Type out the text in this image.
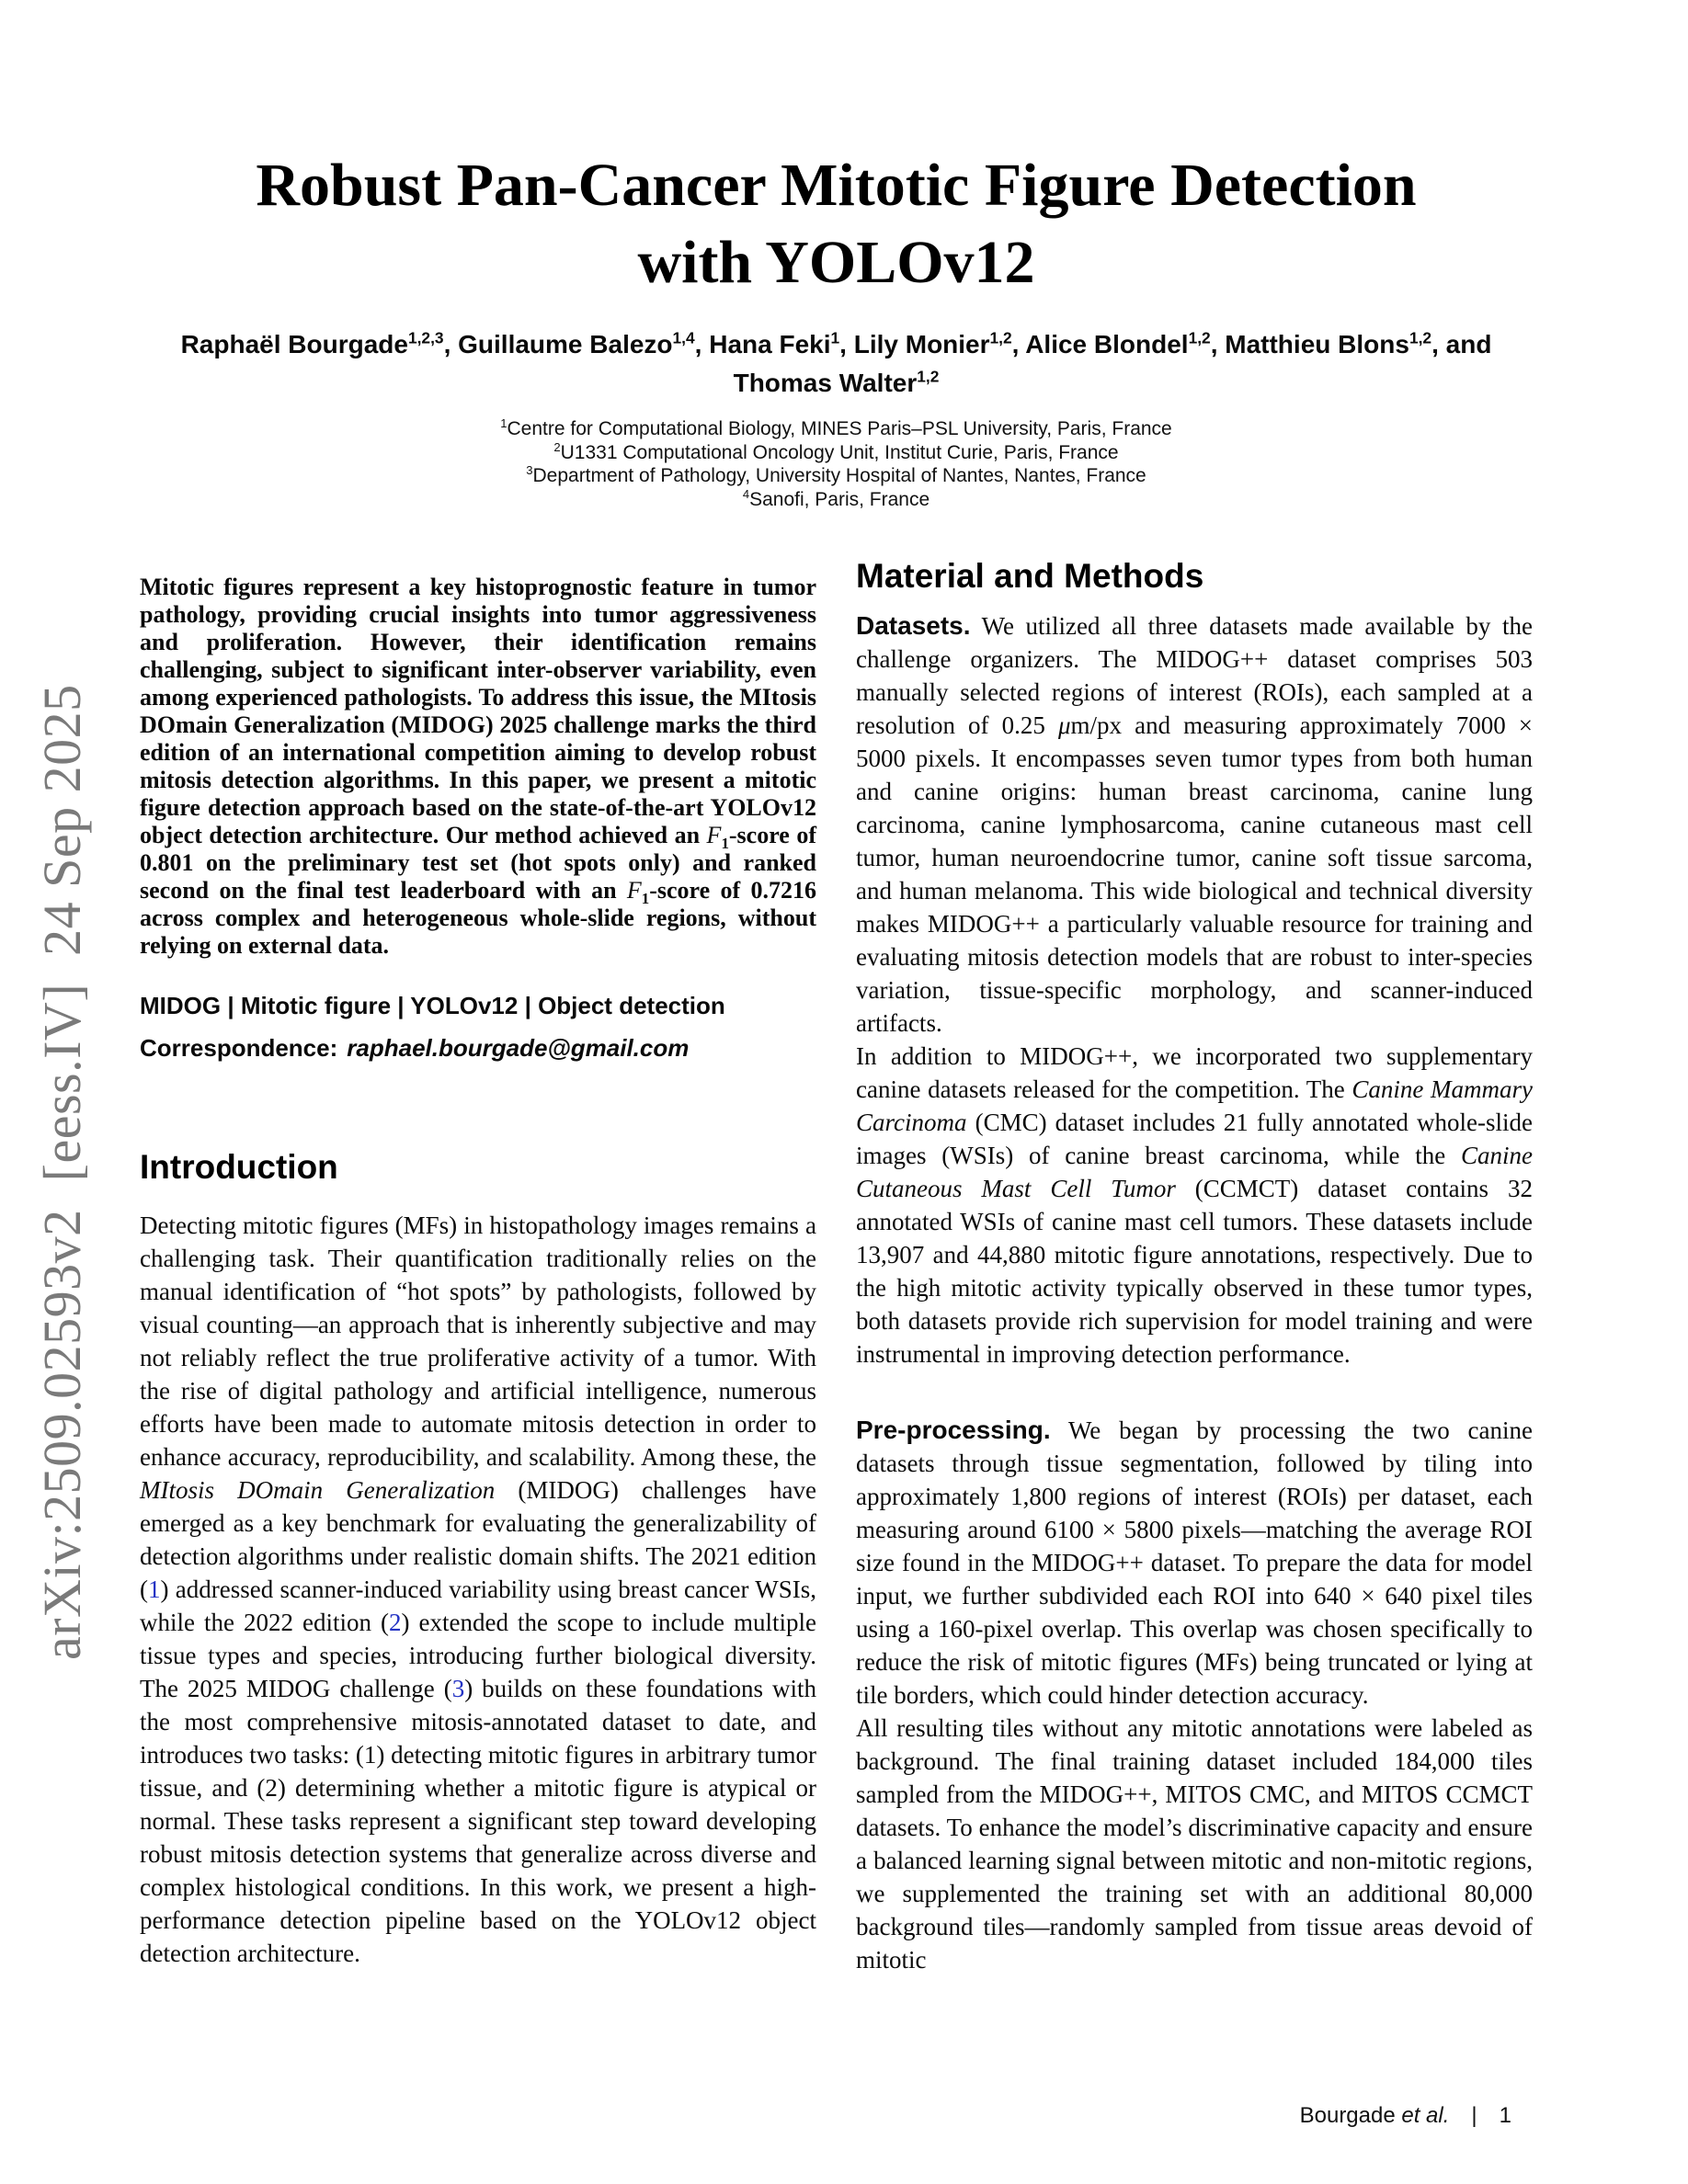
arXiv:2509.02593v2  [eess.IV]  24 Sep 2025
Robust Pan-Cancer Mitotic Figure Detection
with YOLOv12
Raphaël Bourgade$^{1,2,3}$, Guillaume Balezo$^{1,4}$, Hana Feki$^1$, Lily Monier$^{1,2}$, Alice Blondel$^{1,2}$, Matthieu Blons$^{1,2}$, and Thomas Walter$^{1,2}$
$^1$Centre for Computational Biology, MINES Paris–PSL University, Paris, France
$^2$U1331 Computational Oncology Unit, Institut Curie, Paris, France
$^3$Department of Pathology, University Hospital of Nantes, Nantes, France
$^4$Sanofi, Paris, France

Mitotic figures represent a key histoprognostic feature in tumor pathology, providing crucial insights into tumor aggressiveness and proliferation. However, their identification remains challenging, subject to significant inter-observer variability, even among experienced pathologists. To address this issue, the MItosis DOmain Generalization (MIDOG) 2025 challenge marks the third edition of an international competition aiming to develop robust mitosis detection algorithms. In this paper, we present a mitotic figure detection approach based on the state-of-the-art YOLOv12 object detection architecture. Our method achieved an $F_1$-score of 0.801 on the preliminary test set (hot spots only) and ranked second on the final test leaderboard with an $F_1$-score of 0.7216 across complex and heterogeneous whole-slide regions, without relying on external data.

MIDOG | Mitotic figure | YOLOv12 | Object detection

Correspondence: raphael.bourgade@gmail.com

Introduction

Detecting mitotic figures (MFs) in histopathology images remains a challenging task. Their quantification traditionally relies on the manual identification of “hot spots” by pathologists, followed by visual counting—an approach that is inherently subjective and may not reliably reflect the true proliferative activity of a tumor. With the rise of digital pathology and artificial intelligence, numerous efforts have been made to automate mitosis detection in order to enhance accuracy, reproducibility, and scalability. Among these, the MItosis DOmain Generalization (MIDOG) challenges have emerged as a key benchmark for evaluating the generalizability of detection algorithms under realistic domain shifts. The 2021 edition (1) addressed scanner-induced variability using breast cancer WSIs, while the 2022 edition (2) extended the scope to include multiple tissue types and species, introducing further biological diversity. The 2025 MIDOG challenge (3) builds on these foundations with the most comprehensive mitosis-annotated dataset to date, and introduces two tasks: (1) detecting mitotic figures in arbitrary tumor tissue, and (2) determining whether a mitotic figure is atypical or normal. These tasks represent a significant step toward developing robust mitosis detection systems that generalize across diverse and complex histological conditions. In this work, we present a high-performance detection pipeline based on the YOLOv12 object detection architecture.

Material and Methods

Datasets. We utilized all three datasets made available by the challenge organizers. The MIDOG++ dataset comprises 503 manually selected regions of interest (ROIs), each sampled at a resolution of 0.25 μm/px and measuring approximately 7000 × 5000 pixels. It encompasses seven tumor types from both human and canine origins: human breast carcinoma, canine lung carcinoma, canine lymphosarcoma, canine cutaneous mast cell tumor, human neuroendocrine tumor, canine soft tissue sarcoma, and human melanoma. This wide biological and technical diversity makes MIDOG++ a particularly valuable resource for training and evaluating mitosis detection models that are robust to inter-species variation, tissue-specific morphology, and scanner-induced artifacts.

In addition to MIDOG++, we incorporated two supplementary canine datasets released for the competition. The Canine Mammary Carcinoma (CMC) dataset includes 21 fully annotated whole-slide images (WSIs) of canine breast carcinoma, while the Canine Cutaneous Mast Cell Tumor (CCMCT) dataset contains 32 annotated WSIs of canine mast cell tumors. These datasets include 13,907 and 44,880 mitotic figure annotations, respectively. Due to the high mitotic activity typically observed in these tumor types, both datasets provide rich supervision for model training and were instrumental in improving detection performance.

Pre-processing. We began by processing the two canine datasets through tissue segmentation, followed by tiling into approximately 1,800 regions of interest (ROIs) per dataset, each measuring around 6100 × 5800 pixels—matching the average ROI size found in the MIDOG++ dataset. To prepare the data for model input, we further subdivided each ROI into 640 × 640 pixel tiles using a 160-pixel overlap. This overlap was chosen specifically to reduce the risk of mitotic figures (MFs) being truncated or lying at tile borders, which could hinder detection accuracy.

All resulting tiles without any mitotic annotations were labeled as background. The final training dataset included 184,000 tiles sampled from the MIDOG++, MITOS CMC, and MITOS CCMCT datasets. To enhance the model’s discriminative capacity and ensure a balanced learning signal between mitotic and non-mitotic regions, we supplemented the training set with an additional 80,000 background tiles—randomly sampled from tissue areas devoid of mitotic

Bourgade et al. | 1
